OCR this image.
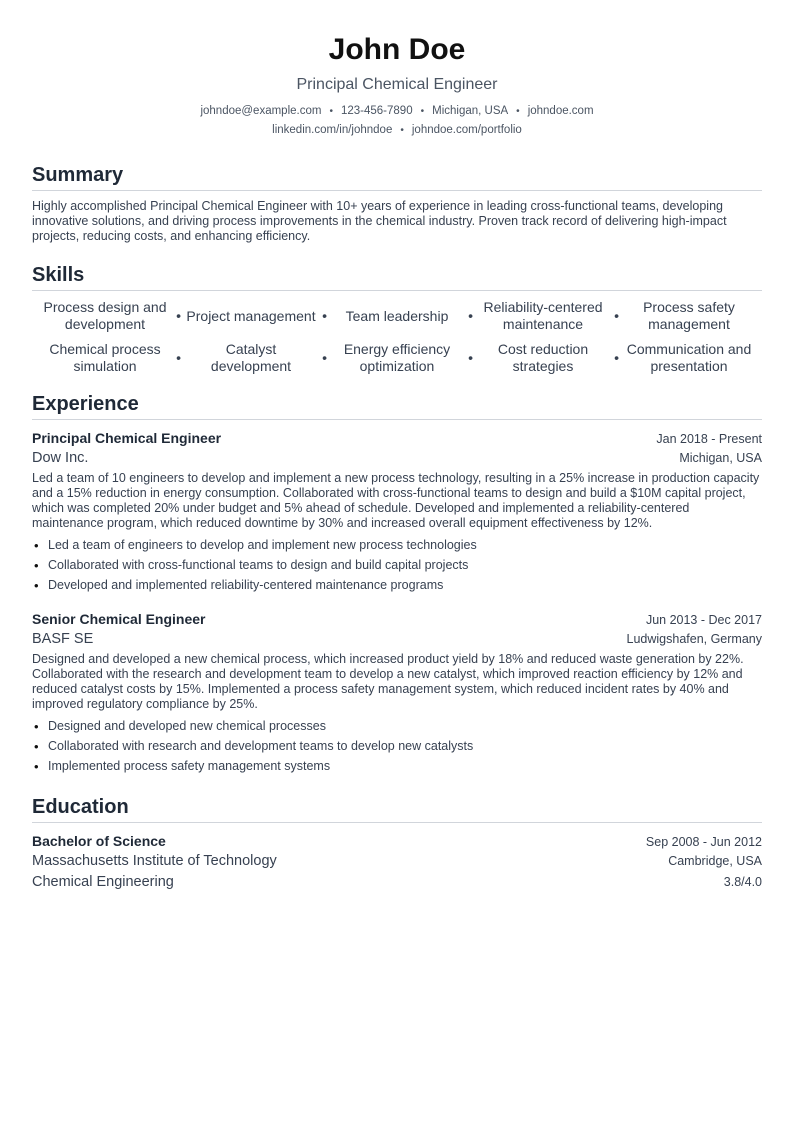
John Doe
Principal Chemical Engineer
johndoe@example.com • 123-456-7890 • Michigan, USA • johndoe.com
linkedin.com/in/johndoe • johndoe.com/portfolio
Summary
Highly accomplished Principal Chemical Engineer with 10+ years of experience in leading cross-functional teams, developing innovative solutions, and driving process improvements in the chemical industry. Proven track record of delivering high-impact projects, reducing costs, and enhancing efficiency.
Skills
Process design and development
• Project management • Team leadership •
Reliability-centered maintenance
•
Process safety management
Chemical process simulation
•
Catalyst development
•
Energy efficiency optimization
•
Cost reduction strategies
•
Communication and presentation
Experience
Principal Chemical Engineer	Jan 2018 - Present
Dow Inc.	Michigan, USA
Led a team of 10 engineers to develop and implement a new process technology, resulting in a 25% increase in production capacity and a 15% reduction in energy consumption. Collaborated with cross-functional teams to design and build a $10M capital project, which was completed 20% under budget and 5% ahead of schedule. Developed and implemented a reliability-centered maintenance program, which reduced downtime by 30% and increased overall equipment effectiveness by 12%.
• Led a team of engineers to develop and implement new process technologies
• Collaborated with cross-functional teams to design and build capital projects
• Developed and implemented reliability-centered maintenance programs
Senior Chemical Engineer	Jun 2013 - Dec 2017
BASF SE	Ludwigshafen, Germany
Designed and developed a new chemical process, which increased product yield by 18% and reduced waste generation by 22%. Collaborated with the research and development team to develop a new catalyst, which improved reaction efficiency by 12% and reduced catalyst costs by 15%. Implemented a process safety management system, which reduced incident rates by 40% and improved regulatory compliance by 25%.
• Designed and developed new chemical processes
• Collaborated with research and development teams to develop new catalysts
• Implemented process safety management systems
Education
Bachelor of Science	Sep 2008 - Jun 2012
Massachusetts Institute of Technology	Cambridge, USA
Chemical Engineering	3.8/4.0
